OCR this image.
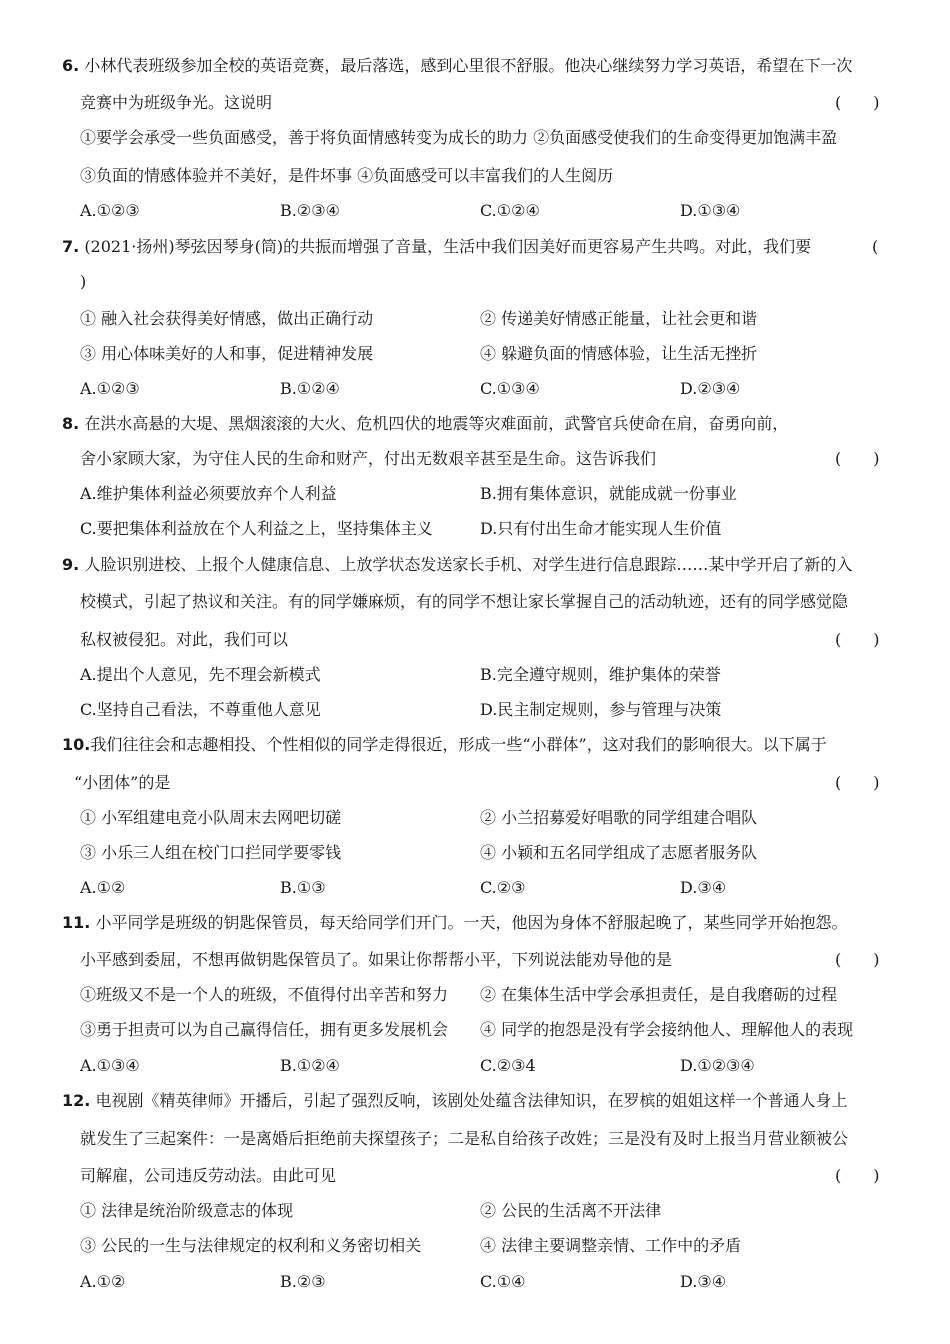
6. 小林代表班级参加全校的英语竞赛，最后落选，感到心里很不舒服。他决心继续努力学习英语，希望在下一次
竞赛中为班级争光。这说明	(　　)
①要学会承受一些负面感受，善于将负面情感转变为成长的助力 ②负面感受使我们的生命变得更加饱满丰盈
③负面的情感体验并不美好，是件坏事 ④负面感受可以丰富我们的人生阅历
A.①②③	B.②③④	C.①②④	D.①③④
7. (2021·扬州)琴弦因琴身(筒)的共振而增强了音量，生活中我们因美好而更容易产生共鸣。对此，我们要	(
)
① 融入社会获得美好情感，做出正确行动	② 传递美好情感正能量，让社会更和谐
③ 用心体味美好的人和事，促进精神发展	④ 躲避负面的情感体验，让生活无挫折
A.①②③	B.①②④	C.①③④	D.②③④
8. 在洪水高悬的大堤、黑烟滚滚的大火、危机四伏的地震等灾难面前，武警官兵使命在肩，奋勇向前，
舍小家顾大家，为守住人民的生命和财产，付出无数艰辛甚至是生命。这告诉我们	(　　)
A.维护集体利益必须要放弃个人利益	B.拥有集体意识，就能成就一份事业
C.要把集体利益放在个人利益之上，坚持集体主义	D.只有付出生命才能实现人生价值
9. 人脸识别进校、上报个人健康信息、上放学状态发送家长手机、对学生进行信息跟踪……某中学开启了新的入
校模式，引起了热议和关注。有的同学嫌麻烦，有的同学不想让家长掌握自己的活动轨迹，还有的同学感觉隐
私权被侵犯。对此，我们可以	(　　)
A.提出个人意见，先不理会新模式	B.完全遵守规则，维护集体的荣誉
C.坚持自己看法，不尊重他人意见	D.民主制定规则，参与管理与决策
10.我们往往会和志趣相投、个性相似的同学走得很近，形成一些“小群体”，这对我们的影响很大。以下属于
“小团体”的是	(　　)
① 小军组建电竞小队周末去网吧切磋	② 小兰招募爱好唱歌的同学组建合唱队
③ 小乐三人组在校门口拦同学要零钱	④ 小颖和五名同学组成了志愿者服务队
A.①②	B.①③	C.②③	D.③④
11. 小平同学是班级的钥匙保管员，每天给同学们开门。一天，他因为身体不舒服起晚了，某些同学开始抱怨。
小平感到委屈，不想再做钥匙保管员了。如果让你帮帮小平，下列说法能劝导他的是	(　　)
①班级又不是一个人的班级，不值得付出辛苦和努力 ② 在集体生活中学会承担责任，是自我磨砺的过程
③勇于担责可以为自己赢得信任，拥有更多发展机会 ④ 同学的抱怨是没有学会接纳他人、理解他人的表现
A.①③④	B.①②④	C.②③4	D.①②③④
12. 电视剧《精英律师》开播后，引起了强烈反响，该剧处处蕴含法律知识，在罗槟的姐姐这样一个普通人身上
就发生了三起案件：一是离婚后拒绝前夫探望孩子；二是私自给孩子改姓；三是没有及时上报当月营业额被公
司解雇，公司违反劳动法。由此可见	(　　)
① 法律是统治阶级意志的体现	② 公民的生活离不开法律
③ 公民的一生与法律规定的权利和义务密切相关	④ 法律主要调整亲情、工作中的矛盾
A.①②	B.②③	C.①④	D.③④
